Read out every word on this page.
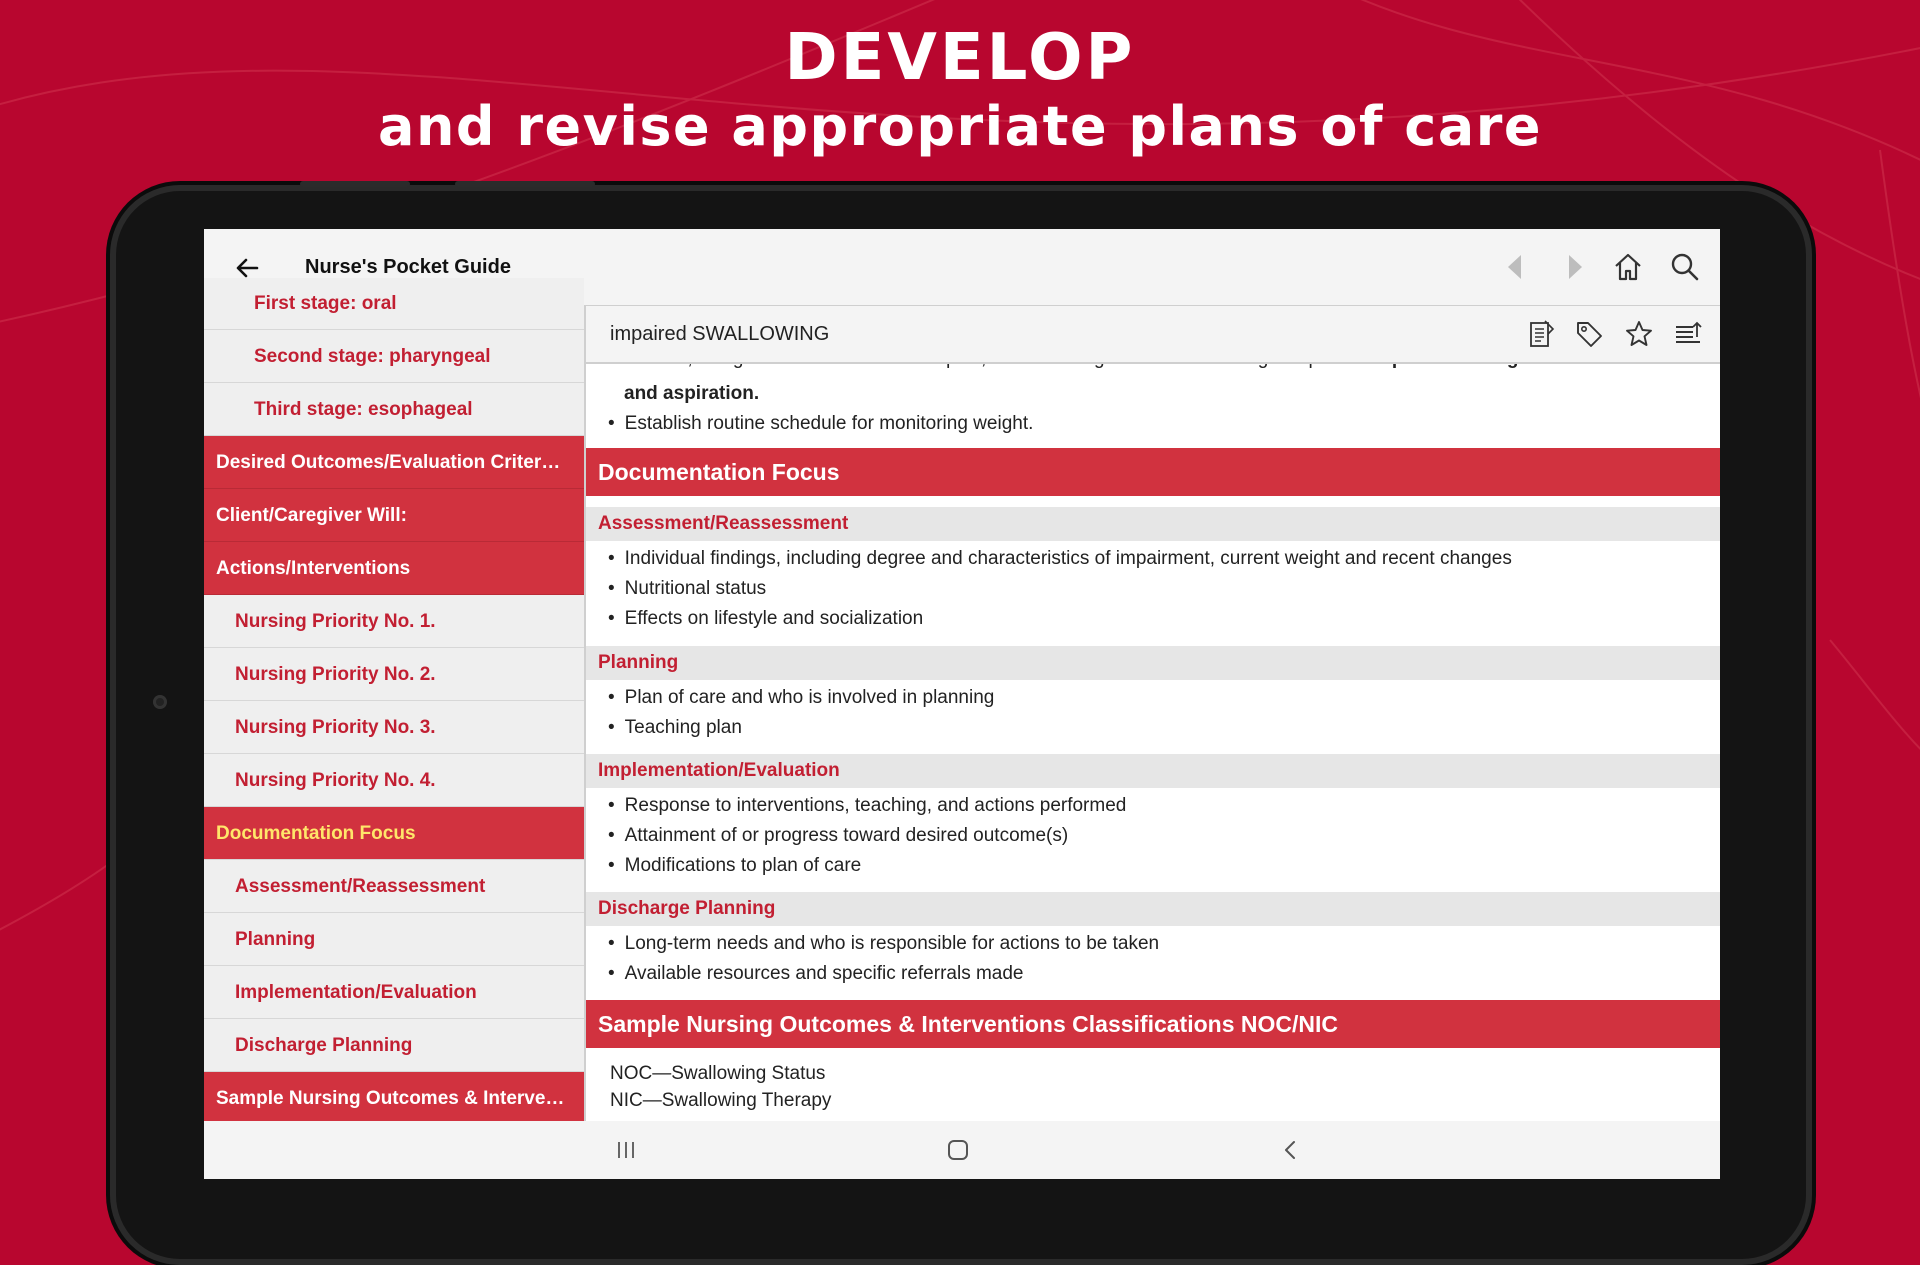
DEVELOP
and revise appropriate plans of care
Nurse's Pocket Guide
First stage: oral
Second stage: pharyngeal
Third stage: esophageal
Desired Outcomes/Evaluation Criter…
Client/Caregiver Will:
Actions/Interventions
Nursing Priority No. 1.
Nursing Priority No. 2.
Nursing Priority No. 3.
Nursing Priority No. 4.
Documentation Focus
Assessment/Reassessment
Planning
Implementation/Evaluation
Discharge Planning
Sample Nursing Outcomes & Interve…
impaired SWALLOWING
and aspiration.
• Establish routine schedule for monitoring weight.
Documentation Focus
Assessment/Reassessment
• Individual findings, including degree and characteristics of impairment, current weight and recent changes
• Nutritional status
• Effects on lifestyle and socialization
Planning
• Plan of care and who is involved in planning
• Teaching plan
Implementation/Evaluation
• Response to interventions, teaching, and actions performed
• Attainment of or progress toward desired outcome(s)
• Modifications to plan of care
Discharge Planning
• Long-term needs and who is responsible for actions to be taken
• Available resources and specific referrals made
Sample Nursing Outcomes & Interventions Classifications NOC/NIC
NOC—Swallowing Status
NIC—Swallowing Therapy
